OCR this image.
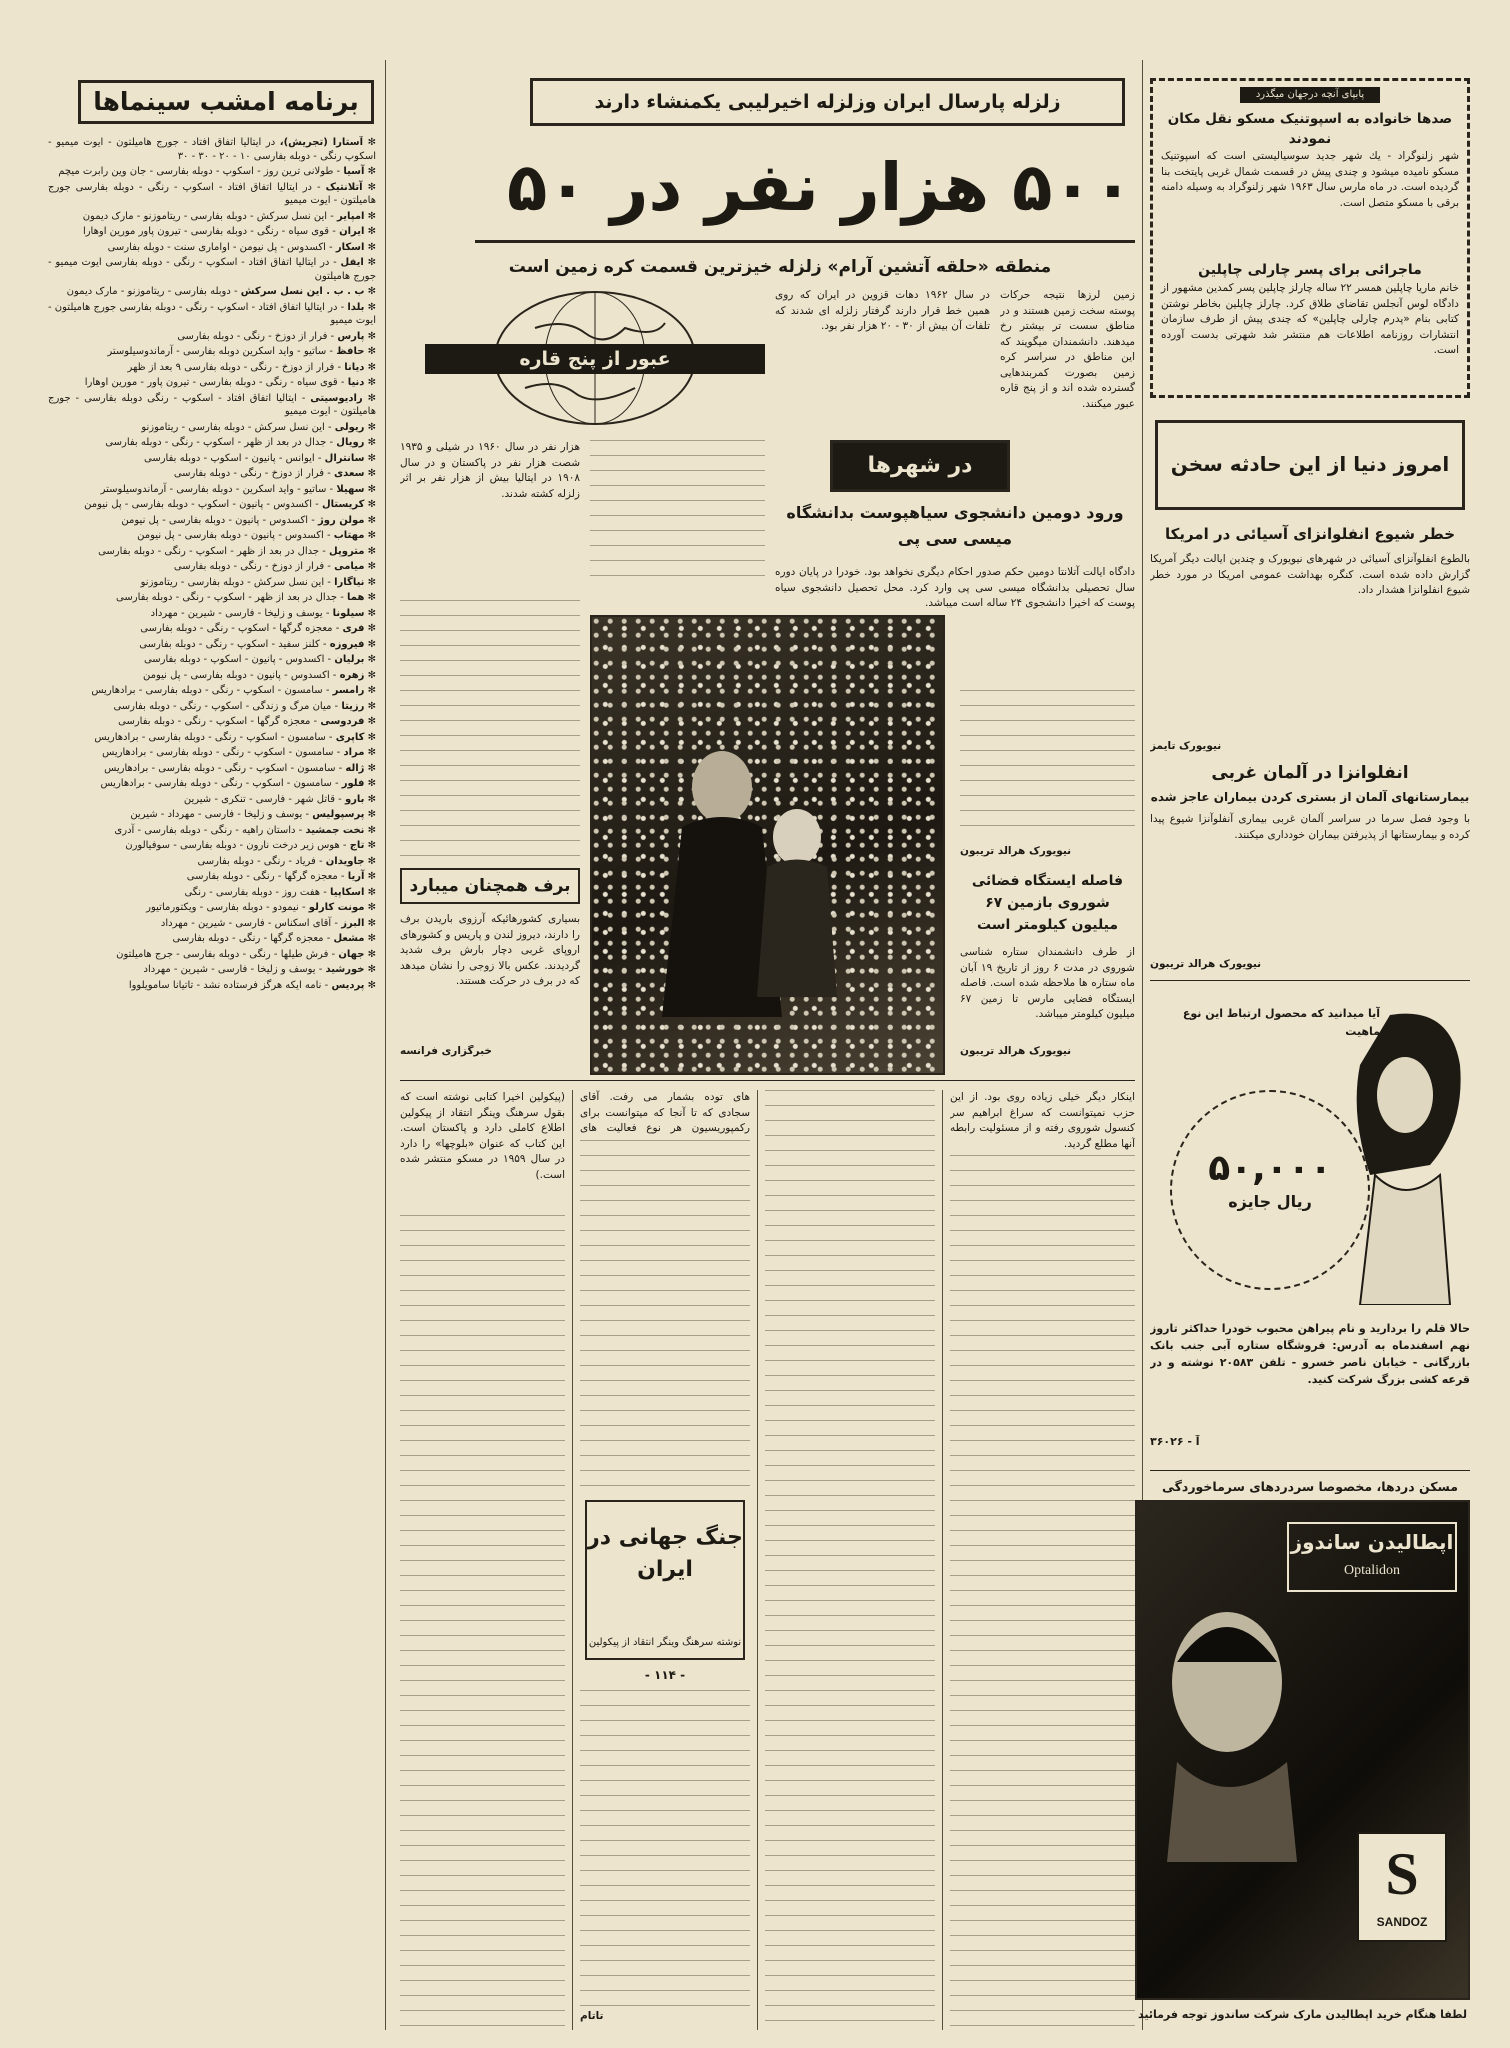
برنامه امشب سینماها
✻ آستارا (تجریش)، در ایتالیا اتفاق افتاد - جورج هامیلتون - ایوت میمیو - اسکوپ رنگی - دوبله بفارسی ۱۰ - ۲۰ - ۳۰ - ۳۰
✻ آسیا - طولانی ترین روز - اسکوپ - دوبله بفارسی - جان وین رابرت میچم
✻ آتلانتیک - در ایتالیا اتفاق افتاد - اسکوپ - رنگی - دوبله بفارسی جورج هامیلتون - ایوت میمیو
✻ امپایر - این نسل سرکش - دوبله بفارسی - ریتاموزنو - مارک دیمون
✻ ایران - قوی سیاه - رنگی - دوبله بفارسی - تیرون پاور مورین اوهارا
✻ اسکار - اکسدوس - پل نیومن - اواماری سنت - دوبله بفارسی
✻ ایفل - در ایتالیا اتفاق افتاد - اسکوپ - رنگی - دوبله بفارسی ایوت میمیو - جورج هامیلتون
✻ ب . ب . این نسل سرکش - دوبله بفارسی - ریتاموزنو - مارک دیمون
✻ بلدا - در ایتالیا اتفاق افتاد - اسکوپ - رنگی - دوبله بفارسی جورج هامیلتون - ایوت میمیو
✻ پارس - فرار از دوزخ - رنگی - دوبله بفارسی
✻ حافظ - ساتیو - واید اسکرین دوبله بفارسی - آرماندوسیلوستر
✻ دیانا - فرار از دوزخ - رنگی - دوبله بفارسی ۹ بعد از ظهر
✻ دنیا - قوی سیاه - رنگی - دوبله بفارسی - تیرون پاور - مورین اوهارا
✻ رادیوسیتی - ایتالیا اتفاق افتاد - اسکوپ - رنگی دوبله بفارسی - جورج هامیلتون - ایوت میمیو
✻ ریولی - این نسل سرکش - دوبله بفارسی - ریتاموزنو
✻ رویال - جدال در بعد از ظهر - اسکوپ - رنگی - دوبله بفارسی
✻ سانترال - ایوانس - پانیون - اسکوپ - دوبله بفارسی
✻ سعدی - فرار از دوزخ - رنگی - دوبله بفارسی
✻ سهیلا - ساتیو - واید اسکرین - دوبله بفارسی - آرماندوسیلوستر
✻ کریستال - اکسدوس - پانیون - اسکوپ - دوبله بفارسی - پل نیومن
✻ مولن روژ - اکسدوس - پانیون - دوبله بفارسی - پل نیومن
✻ مهتاب - اکسدوس - پانیون - دوبله بفارسی - پل نیومن
✻ متروپل - جدال در بعد از ظهر - اسکوپ - رنگی - دوبله بفارسی
✻ میامی - فرار از دوزخ - رنگی - دوبله بفارسی
✻ نیاگارا - این نسل سرکش - دوبله بفارسی - ریتاموزنو
✻ هما - جدال در بعد از ظهر - اسکوپ - رنگی - دوبله بفارسی
✻ سیلونا - یوسف و زلیخا - فارسی - شیرین - مهرداد
✻ فری - معجزه گرگها - اسکوپ - رنگی - دوبله بفارسی
✻ فیروزه - کلنز سفید - اسکوپ - رنگی - دوبله بفارسی
✻ برلیان - اکسدوس - پانیون - اسکوپ - دوبله بفارسی
✻ زهره - اکسدوس - پانیون - دوبله بفارسی - پل نیومن
✻ رامسر - سامسون - اسکوپ - رنگی - دوبله بفارسی - برادهاریس
✻ رزیتا - میان مرگ و زندگی - اسکوپ - رنگی - دوبله بفارسی
✻ فردوسی - معجزه گرگها - اسکوپ - رنگی - دوبله بفارسی
✻ کاپری - سامسون - اسکوپ - رنگی - دوبله بفارسی - برادهاریس
✻ مراد - سامسون - اسکوپ - رنگی - دوبله بفارسی - برادهاریس
✻ ژاله - سامسون - اسکوپ - رنگی - دوبله بفارسی - برادهاریس
✻ فلور - سامسون - اسکوپ - رنگی - دوبله بفارسی - برادهاریس
✻ بارو - قاتل شهر - فارسی - تنکری - شیرین
✻ پرسپولیس - یوسف و زلیخا - فارسی - مهرداد - شیرین
✻ نخت جمشید - داستان راهیه - رنگی - دوبله بفارسی - آدری
✻ تاج - هوس زیر درخت نارون - دوبله بفارسی - سوفیالورن
✻ جاویدان - فریاد - رنگی - دوبله بفارسی
✻ آریا - معجزه گرگها - رنگی - دوبله بفارسی
✻ اسکاپیا - هفت روز - دوبله بفارسی - رنگی
✻ مونت کارلو - نیمودو - دوبله بفارسی - ویکتورماتیور
✻ البرز - آقای اسکناس - فارسی - شیرین - مهرداد
✻ مشعل - معجزه گرگها - رنگی - دوبله بفارسی
✻ جهان - فرش طیلها - رنگی - دوبله بفارسی - جرج هامیلتون
✻ خورشید - یوسف و زلیخا - فارسی - شیرین - مهرداد
✻ پردیس - نامه ایکه هرگز فرستاده نشد - تاتیانا سامویلووا
زلزله پارسال ایران وزلزله اخیرلیبی یکمنشاء دارند
۵۰۰ هزار نفر در ۵۰
منطقه «حلقه آتشین آرام» زلزله خیزترین قسمت کره زمین است
عبور از پنج قاره
زمین لرزها نتیجه حرکات پوسته سخت زمین هستند و در مناطق سست تر بیشتر رخ میدهند. دانشمندان میگویند که این مناطق در سراسر کره زمین بصورت کمربندهایی گسترده شده اند و از پنج قاره عبور میکنند.
در سال ۱۹۶۲ دهات قزوین در ایران که روی همین خط قرار دارند گرفتار زلزله ای شدند که تلفات آن بیش از ۳۰ - ۲۰ هزار نفر بود.
هزار نفر در سال ۱۹۶۰ در شیلی و ۱۹۳۵ شصت هزار نفر در پاکستان و در سال ۱۹۰۸ در ایتالیا بیش از هزار نفر بر اثر زلزله کشته شدند.
در شهرها
ورود دومین دانشجوی سیاهپوست بدانشگاه میسی سی پی
دادگاه ایالت آتلانتا دومین حکم صدور احکام دیگری نخواهد بود. خودرا در پایان دوره سال تحصیلی بدانشگاه میسی سی پی وارد کرد. محل تحصیل دانشجوی سیاه پوست که اخیرا دانشجوی ۲۴ ساله است میباشد.
نیویورک هرالد تریبون
برف همچنان میبارد
بسیاری کشورهائیکه آرزوی باریدن برف را دارند، دیروز لندن و پاریس و کشورهای اروپای غربی دچار بارش برف شدید گردیدند. عکس بالا زوجی را نشان میدهد که در برف در حرکت هستند.
خبرگزاری فرانسه
فاصله ایستگاه فضائی شوروی بازمین ۶۷ میلیون کیلومتر است
از طرف دانشمندان ستاره شناسی شوروی در مدت ۶ روز از تاریخ ۱۹ آبان ماه ستاره ها ملاحظه شده است. فاصله ایستگاه فضایی مارس تا زمین ۶۷ میلیون کیلومتر میباشد.
نیویورک هرالد تریبون
(پیکولین اخیرا کتابی نوشته است که بقول سرهنگ وینگر انتقاد از پیکولین اطلاع کاملی دارد و پاکستان است. این کتاب که عنوان «بلوچها» را دارد در سال ۱۹۵۹ در مسکو منتشر شده است.)
های توده بشمار می رفت. آقای سجادی که تا آنجا که میتوانست برای رکمپوریسیون هر نوع فعالیت های
جنگ جهانی در ایران
نوشته سرهنگ وینگر انتقاد از پیکولین
- ۱۱۴ -
تاتام
اینکار دیگر خیلی زیاده روی بود. از این حزب نمیتوانست که سراغ ابراهیم سر کنسول شوروی رفته و از مسئولیت رابطه آنها مطلع گردید.
پابپای آنچه درجهان میگذرد
صدها خانواده به اسپوتنیک مسکو نقل مکان نمودند
شهر زلنوگراد - یك شهر جدید سوسیالیستی است که اسپوتنیک مسکو نامیده میشود و چندی پیش در قسمت شمال غربی پایتخت بنا گردیده است. در ماه مارس سال ۱۹۶۳ شهر زلنوگراد به وسیله دامنه برقی با مسکو متصل است.
ماجرائی برای پسر چارلی چاپلین
خانم ماریا چاپلین همسر ۲۲ ساله چارلز چاپلین پسر کمدین مشهور از دادگاه لوس آنجلس تقاضای طلاق کرد. چارلز چاپلین بخاطر نوشتن کتابی بنام «پدرم چارلی چاپلین» که چندی پیش از طرف سازمان انتشارات روزنامه اطلاعات هم منتشر شد شهرتی بدست آورده است.
امروز دنیا از این حادثه سخن
خطر شیوع انفلوانزای آسیائی در امریکا
بالطوع انفلوآنزای آسیائی در شهرهای نیویورک و چندین ایالت دیگر آمریکا گزارش داده شده است. کنگره بهداشت عمومی امریکا در مورد خطر شیوع انفلوانزا هشدار داد.
نیویورک تایمز
انفلوانزا در آلمان غربی
بیمارستانهای آلمان از بستری کردن بیماران عاجز شده
با وجود فصل سرما در سراسر آلمان غربی بیماری آنفلوآنزا شیوع پیدا کرده و بیمارستانها از پذیرفتن بیماران خودداری میکنند.
نیویورک هرالد تریبون
آیا میدانید که محصول ارتباط این نوع ماهیت
۵۰,۰۰۰
ریال جایزه
حالا قلم را بردارید و نام پیراهن محبوب خودرا حداکثر تاروز نهم اسفندماه به آدرس: فروشگاه ستاره آبی جنب بانک بازرگانی - خیابان ناصر خسرو - تلفن ۲۰۵۸۳ نوشته و در قرعه کشی بزرگ شرکت کنید.
آ - ۳۶۰۲۶
مسکن دردها، مخصوصا سردردهای سرماخوردگی
اپطالیدن ساندوز
Optalidon
S
SANDOZ
لطفا هنگام خرید اپطالیدن مارک شرکت ساندوز توجه فرمائید
